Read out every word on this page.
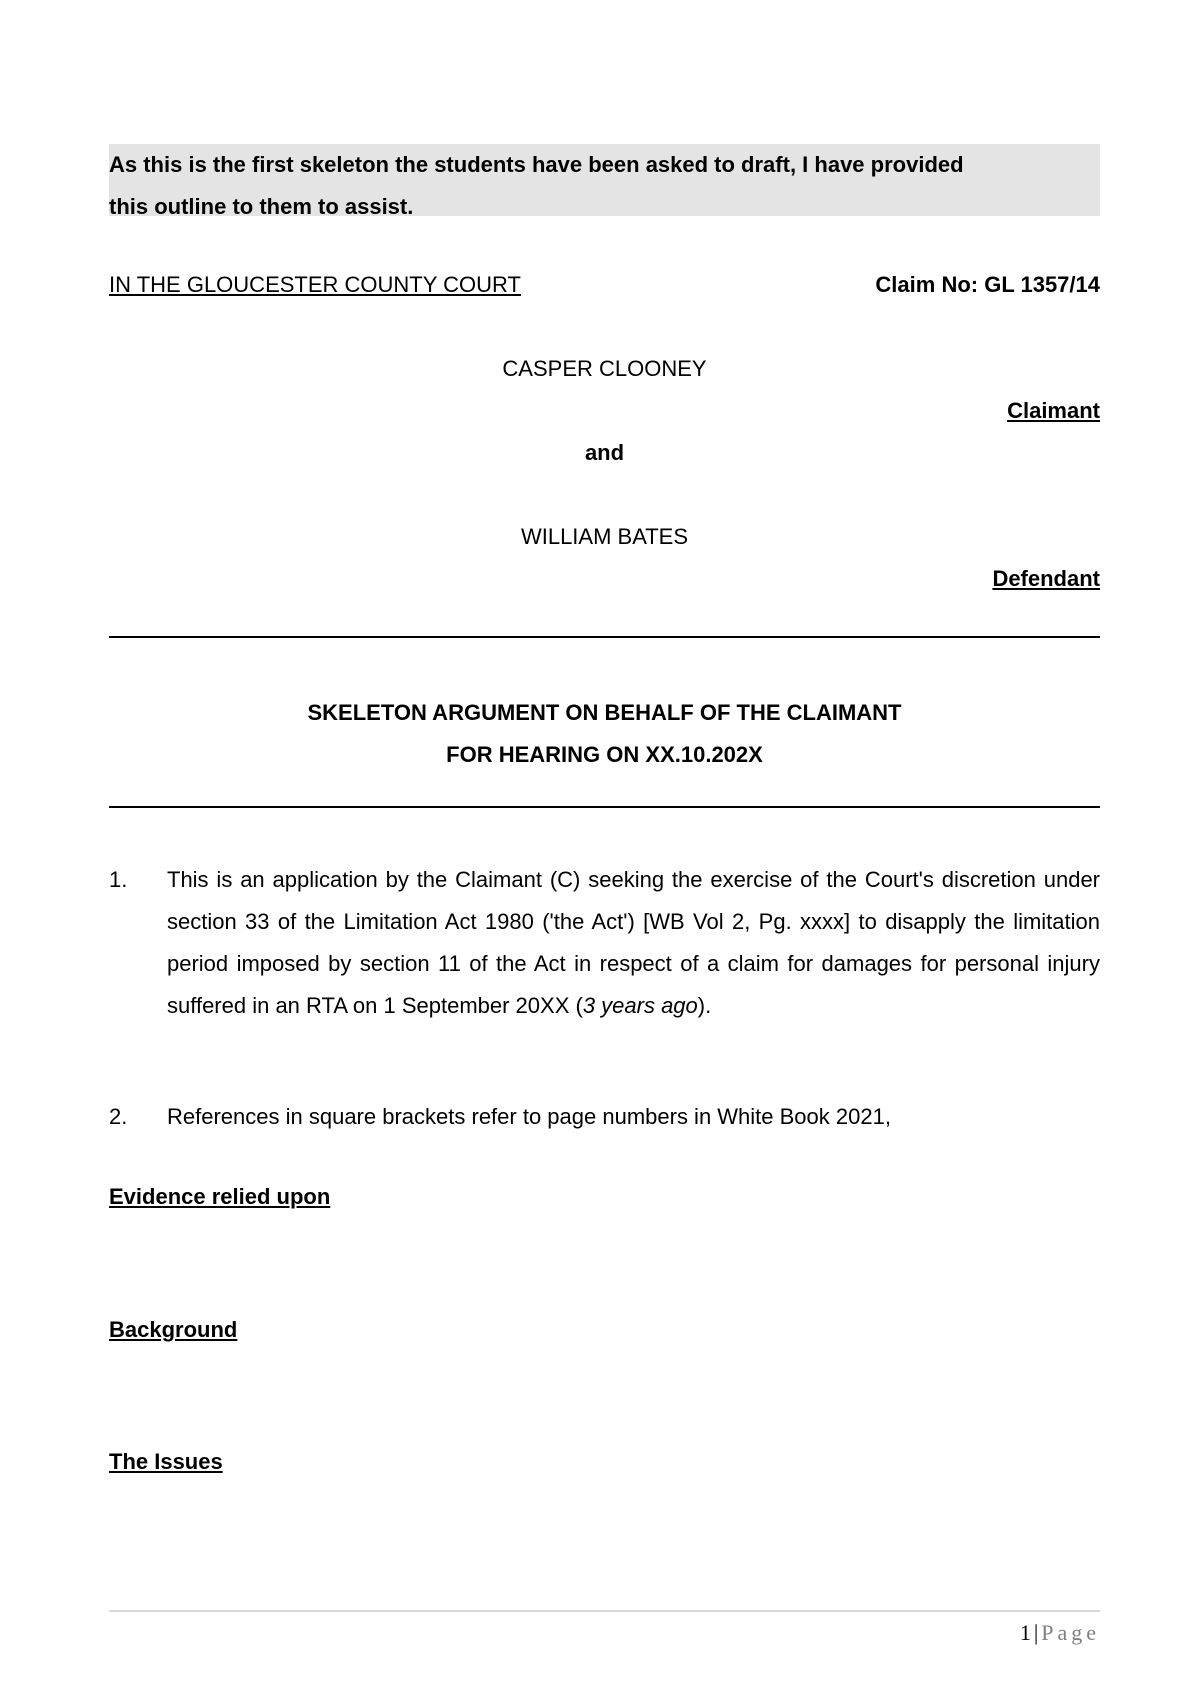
As this is the first skeleton the students have been asked to draft, I have provided
this outline to them to assist.
IN THE GLOUCESTER COUNTY COURT	Claim No: GL 1357/14

CASPER CLOONEY

Claimant

and

WILLIAM BATES

Defendant

SKELETON ARGUMENT ON BEHALF OF THE CLAIMANT
FOR HEARING ON XX.10.202X
1. This is an application by the Claimant (C) seeking the exercise of the Court's discretion under section 33 of the Limitation Act 1980 ('the Act') [WB Vol 2, Pg. xxxx] to disapply the limitation period imposed by section 11 of the Act in respect of a claim for damages for personal injury suffered in an RTA on 1 September 20XX (3 years ago).
2. References in square brackets refer to page numbers in White Book 2021,

Evidence relied upon

Background

The Issues

1 | Page
